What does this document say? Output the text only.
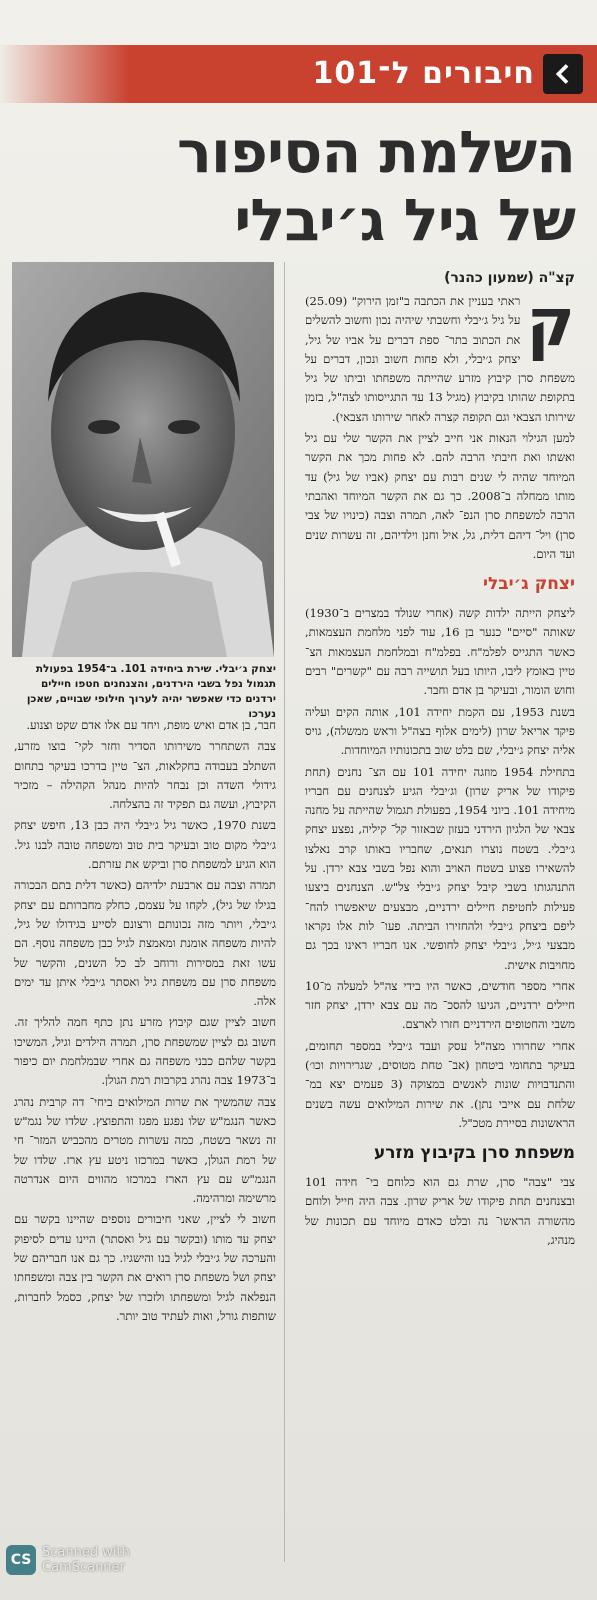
חיבורים ל־101
השלמת הסיפור
של גיל ג׳יבלי
קצ"ה (שמעון כהנר)
יצחק ג׳יבלי. שירת ביחידה 101. ב־1954 בפעולת תגמול נפל בשבי הירדנים, והצנחנים חטפו חיילים ירדנים כדי שאפשר יהיה לערוך חילופי שבויים, שאכן נערכו

ק
ראתי בעניין את הכתבה ב"זמן הירוק" (25.09) על גיל ג׳יבלי וחשבתי שיהיה נכון וחשוב להשלים את הכתוב בתר־ ספת דברים על אביו של גיל, יצחק ג׳יבלי, ולא פחות חשוב ונכון, דברים על משפחת סרן קיבוץ מזרע שהייתה משפחתו וביתו של גיל בתקופת שהותו בקיבוץ (מגיל 13 עד התגייסותו לצה"ל, בזמן שירותו הצבאי וגם תקופה קצרה לאחר שירותו הצבאי).

למען הגילוי הנאות אני חייב לציין את הקשר שלי עם גיל ואשתו ואת חיבתי הרבה להם. לא פחות מכך את הקשר המיוחד שהיה לי שנים רבות עם יצחק (אביו של גיל) עד מותו ממחלה ב־2008. כך גם את הקשר המיוחד ואהבתי הרבה למשפחת סרן הנפ־ לאה, תמרה וצבה (כינויו של צבי סרן) ויל־ דיהם דלית, גל, איל וחנן וילדיהם, זה עשרות שנים ועד היום.

יצחק ג׳יבלי

ליצחק הייתה ילדות קשה (אחרי שנולד במצרים ב־1930) שאותה "סיים" כנער בן 16, עוד לפני מלחמת העצמאות, כאשר התגייס לפלמ"ח. בפלמ"ח ובמלחמת העצמאות הצ־ טיין באומץ ליבו, היותו בעל תושייה רבה עם "קשרים" רבים וחוש הומור, ובעיקר בן אדם וחבר.

בשנת 1953, עם הקמת יחידה 101, אותה הקים ועליה פיקד אריאל שרון (לימים אלוף בצה"ל וראש ממשלה), גויס אליה יצחק ג׳יבלי, שם בלט שוב בתכונותיו המיוחדות.

בתחילת 1954 מוזגה יחידה 101 עם הצ־ נחנים (תחת פיקודו של אריק שרון) וג׳יבלי הגיע לצנחנים עם חבריו מיחידה 101. ביוני 1954, בפעולת תגמול שהייתה על מחנה צבאי של הלגיון הירדני בעזון שבאזור קל־ קיליה, נפצע יצחק ג׳יבלי. בשטח נוצרו תנאים, שחבריו באותו קרב נאלצו להשאירו פצוע בשטח האויב והוא נפל בשבי צבא ירדן. על התנהגותו בשבי קיבל יצחק ג׳יבלי צל"ש. הצנחנים ביצעו פעילות לחטיפת חיילים ירדניים, מבצעים שיאפשרו להח־ ליפם ביצחק ג׳יבלי ולהחזירו הביתה. פעו־ לות אלו נקראו מבצעי ג׳יל, ג׳יבלי יצחק לחופשי. אנו חבריו ראינו בכך גם מחויבות אישית.

אחרי מספר חודשים, כאשר היו בידי צה"ל למעלה מ־10 חיילים ירדניים, הגיעו להסכ־ מה עם צבא ירדן, יצחק חזר משבי והחטופים הירדניים חזרו לארצם.

אחרי שחרורו מצה"ל עסק ועבד ג׳יבלי במספר תחומים, בעיקר בתחומי ביטחון (אב־ טחת מטוסים, שגרירויות וכו׳) והתנדבויות שונות לאנשים במצוקה (3 פעמים יצא במ־ שלחת עם אייבי נתן). את שירות המילואים עשה בשנים הראשונות בסיירת מטכ"ל.

משפחת סרן בקיבוץ מזרע

צבי "צבה" סרן, שרת גם הוא כלוחם בי־ חידה 101 ובצנחנים תחת פיקודו של אריק שרון. צבה היה חייל ולוחם מהשורה הראשו־ נה ובלט כאדם מיוחד עם תכונות של מנהיג,

חבר, בן אדם ואיש מופת, ויחד עם אלו אדם שקט וצנוע.

צבה השתחרר משירותו הסדיר וחזר לקי־ בוצו מזרע, השתלב בעבודה בחקלאות, הצ־ טיין בדרכו בעיקר בתחום גידולי השדה וכן נבחר להיות מנהל הקהילה – מזכיר הקיבוץ, ועשה גם תפקיד זה בהצלחה.

בשנת 1970, כאשר גיל ג׳יבלי היה כבן 13, חיפש יצחק ג׳יבלי מקום טוב ובעיקר בית טוב ומשפחה טובה לבנו גיל. הוא הגיע למשפחת סרן וביקש את עזרתם.

תמרה וצבה עם ארבעת ילדיהם (כאשר דלית בתם הבכורה בגילו של גיל), לקחו על עצמם, כחלק מחברותם עם יצחק ג׳יבלי, ויותר מזה נכונותם ורצונם לסייע בגידולו של גיל, להיות משפחה אומנת ומאמצת לגיל כבן משפחה נוסף. הם עשו זאת במסירות ורוחב לב כל השנים, והקשר של משפחת סרן עם משפחת גיל ואסתר ג׳יבלי איתן עד ימים אלה.

חשוב לציין שגם קיבוץ מזרע נתן כתף חמה להליך זה. חשוב גם לציין שמשפחת סרן, תמרה הילדים וגיל, המשיכו בקשר שלהם כבני משפחה גם אחרי שבמלחמת יום כיפור ב־1973 צבה נהרג בקרבות רמת הגולן.

צבה שהמשיך את שרות המילואים ביחי־ דה קרבית נהרג כאשר הנגמ"ש שלו נפגע מפגז והתפוצץ. שלדו של נגמ"ש זה נשאר בשטח, כמה עשרות מטרים מהכביש המזר־ חי של רמת הגולן, כאשר במרכזו ניטע עץ ארז. שלדו של הנגמ"ש עם עץ הארז במרכזו מהווים היום אנדרטה מרשימה ומרהימה.

חשוב לי לציין, שאני חיבורים נוספים שהיינו בקשר עם יצחק עד מותו (ובקשר עם גיל ואסתר) היינו עדים לסיפוק והערכה של ג׳יבלי לגיל בנו והישגיו. כך גם אנו חבריהם של יצחק ושל משפחת סרן רואים את הקשר בין צבה ומשפחתו הנפלאה לגיל ומשפחתו ולזכרו של יצחק, כסמל לחברות, שותפות גורל, ואות לעתיד טוב יותר.

CS Scanned with
CamScanner
